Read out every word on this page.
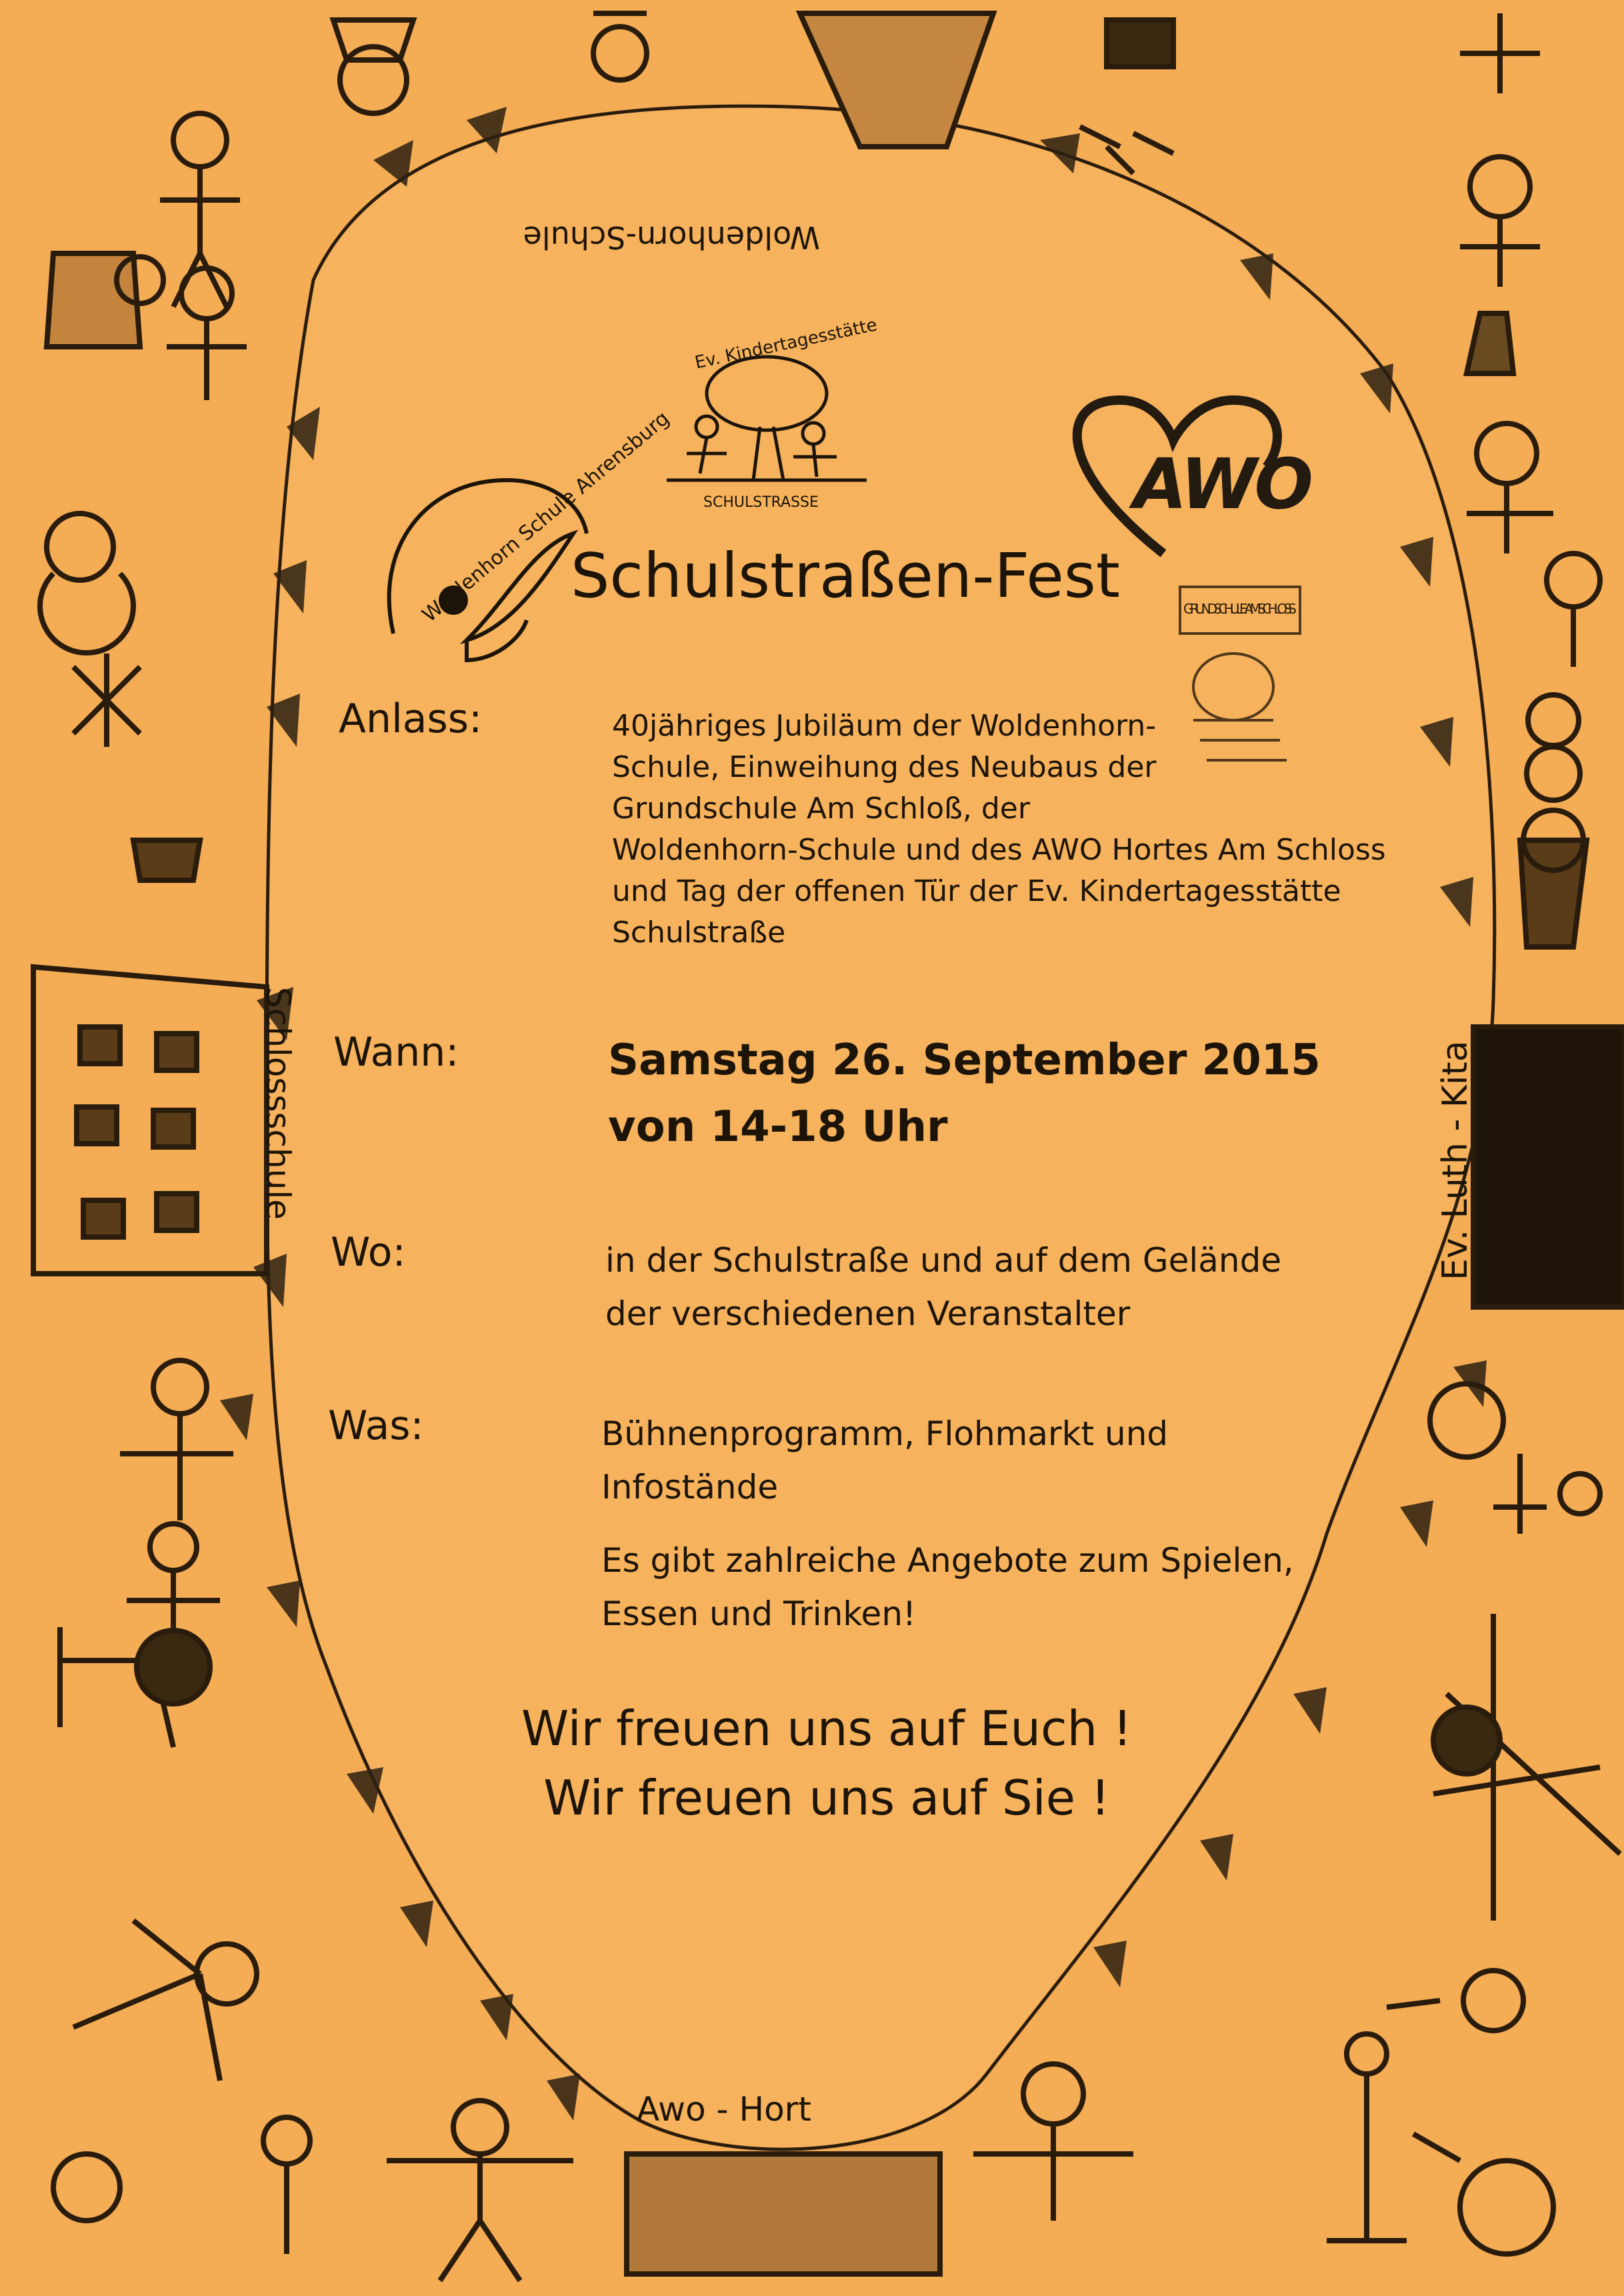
Woldenhorn-Schule
Schlossschule	Ev. Luth - Kita
Awo - Hort
Woldenhorn Schule Ahrensburg
Ev. Kindertagesstätte
SCHULSTRASSE
GRUNDSCHULE AM SCHLOSS
AWO
Schulstraßen-Fest
Anlass:	40jähriges Jubiläum der Woldenhorn-
Schule, Einweihung des Neubaus der
Grundschule Am Schloß, der
Woldenhorn-Schule und des AWO Hortes Am Schloss
und Tag der offenen Tür der Ev. Kindertagesstätte
Schulstraße
Wann:	Samstag 26. September 2015
von 14-18 Uhr
Wo:	in der Schulstraße und auf dem Gelände
der verschiedenen Veranstalter
Was:	Bühnenprogramm, Flohmarkt und
Infostände
Es gibt zahlreiche Angebote zum Spielen,
Essen und Trinken!
Wir freuen uns auf Euch !
Wir freuen uns auf Sie !
